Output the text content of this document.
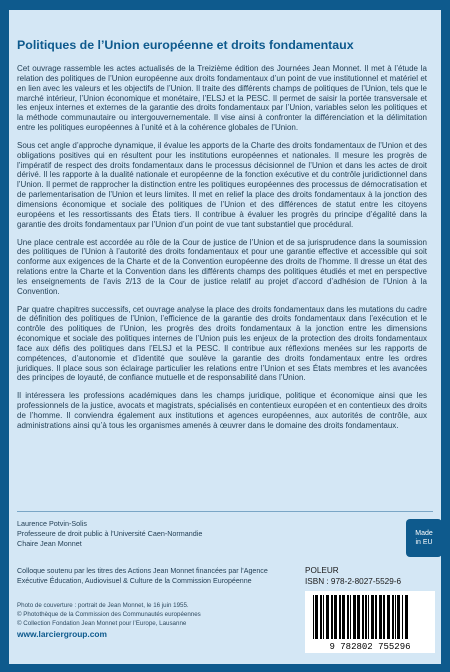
Politiques de l’Union européenne et droits fondamentaux

Cet ouvrage rassemble les actes actualisés de la Treizième édition des Journées Jean Monnet. Il met à l’étude la relation des politiques de l’Union européenne aux droits fondamentaux d’un point de vue institutionnel et matériel et en lien avec les valeurs et les objectifs de l’Union. Il traite des différents champs de politiques de l’Union, tels que le marché intérieur, l’Union économique et monétaire, l’ELSJ et la PESC. Il permet de saisir la portée transversale et les enjeux internes et externes de la garantie des droits fondamentaux par l’Union, variables selon les politiques et la méthode communautaire ou intergouvernementale. Il vise ainsi à confronter la différenciation et la délimitation entre les politiques européennes à l’unité et à la cohérence globales de l’Union.

Sous cet angle d’approche dynamique, il évalue les apports de la Charte des droits fondamentaux de l’Union et des obligations positives qui en résultent pour les institutions européennes et nationales. Il mesure les progrès de l’impératif de respect des droits fondamentaux dans le processus décisionnel de l’Union et dans les actes de droit dérivé. Il les rapporte à la dualité nationale et européenne de la fonction exécutive et du contrôle juridictionnel dans l’Union. Il permet de rapprocher la distinction entre les politiques européennes des processus de démocratisation et de parlementarisation de l’Union et leurs limites. Il met en relief la place des droits fondamentaux à la jonction des dimensions économique et sociale des politiques de l’Union et des différences de statut entre les citoyens européens et les ressortissants des États tiers. Il contribue à évaluer les progrès du principe d’égalité dans la garantie des droits fondamentaux par l’Union d’un point de vue tant substantiel que procédural.

Une place centrale est accordée au rôle de la Cour de justice de l’Union et de sa jurisprudence dans la soumission des politiques de l’Union à l’autorité des droits fondamentaux et pour une garantie effective et accessible qui soit conforme aux exigences de la Charte et de la Convention européenne des droits de l’homme. Il dresse un état des relations entre la Charte et la Convention dans les différents champs des politiques étudiés et met en perspective les enseignements de l’avis 2/13 de la Cour de justice relatif au projet d’accord d’adhésion de l’Union à la Convention.

Par quatre chapitres successifs, cet ouvrage analyse la place des droits fondamentaux dans les mutations du cadre de définition des politiques de l’Union, l’efficience de la garantie des droits fondamentaux dans l’exécution et le contrôle des politiques de l’Union, les progrès des droits fondamentaux à la jonction entre les dimensions économique et sociale des politiques internes de l’Union puis les enjeux de la protection des droits fondamentaux face aux défis des politiques dans l’ELSJ et la PESC. Il contribue aux réflexions menées sur les rapports de compétences, d’autonomie et d’identité que soulève la garantie des droits fondamentaux entre les ordres juridiques. Il place sous son éclairage particulier les relations entre l’Union et ses États membres et les avancées des principes de loyauté, de confiance mutuelle et de responsabilité dans l’Union.

Il intéressera les professions académiques dans les champs juridique, politique et économique ainsi que les professionnels de la justice, avocats et magistrats, spécialisés en contentieux européen et en contentieux des droits de l’homme. Il conviendra également aux institutions et agences européennes, aux autorités de contrôle, aux administrations ainsi qu’à tous les organismes amenés à œuvrer dans le domaine des droits fondamentaux.

Laurence Potvin-Solis
Professeure de droit public à l’Université Caen-Normandie
Chaire Jean Monnet
Colloque soutenu par les titres des Actions Jean Monnet financées par l’Agence
Exécutive Éducation, Audiovisuel & Culture de la Commission Européenne
Photo de couverture : portrait de Jean Monnet, le 16 juin 1955.
© Photothèque de la Commission des Communautés européennes
© Collection Fondation Jean Monnet pour l’Europe, Lausanne
www.larciergroup.com
Made
in EU
POLEUR
ISBN : 978-2-8027-5529-6
9 782802 755296
